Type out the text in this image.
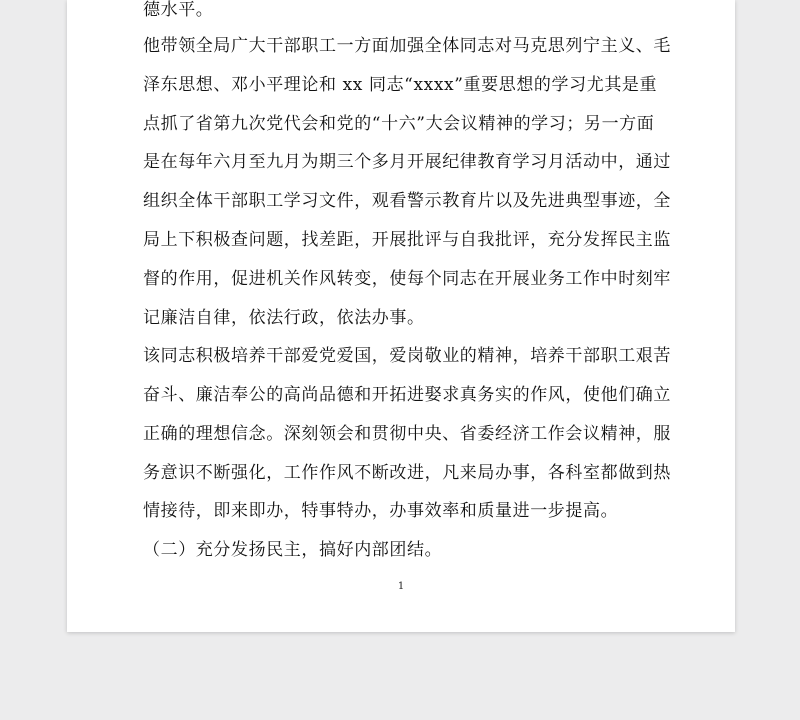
德水平。
他带领全局广大干部职工一方面加强全体同志对马克思列宁主义、毛
泽东思想、邓小平理论和 xx 同志“xxxx”重要思想的学习尤其是重
点抓了省第九次党代会和党的“十六”大会议精神的学习；另一方面
是在每年六月至九月为期三个多月开展纪律教育学习月活动中，通过
组织全体干部职工学习文件，观看警示教育片以及先进典型事迹，全
局上下积极查问题，找差距，开展批评与自我批评，充分发挥民主监
督的作用，促进机关作风转变，使每个同志在开展业务工作中时刻牢
记廉洁自律，依法行政，依法办事。
该同志积极培养干部爱党爱国，爱岗敬业的精神，培养干部职工艰苦
奋斗、廉洁奉公的高尚品德和开拓进娶求真务实的作风，使他们确立
正确的理想信念。深刻领会和贯彻中央、省委经济工作会议精神，服
务意识不断强化，工作作风不断改进，凡来局办事，各科室都做到热
情接待，即来即办，特事特办，办事效率和质量进一步提高。
（二）充分发扬民主，搞好内部团结。
1
